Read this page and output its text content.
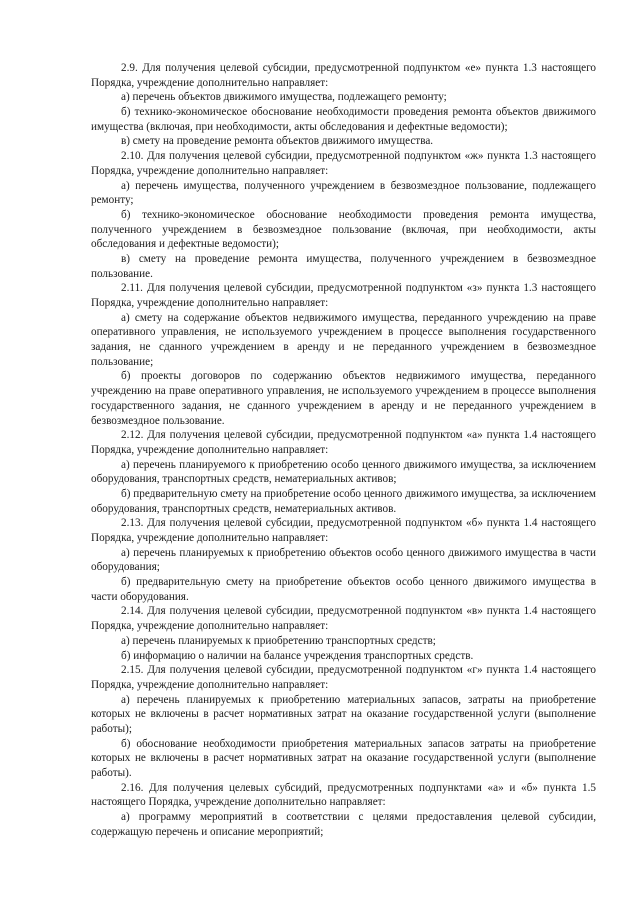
2.9. Для получения целевой субсидии, предусмотренной подпунктом «е» пункта 1.3 настоящего Порядка, учреждение дополнительно направляет:

а) перечень объектов движимого имущества, подлежащего ремонту;

б) технико-экономическое обоснование необходимости проведения ремонта объектов движимого имущества (включая, при необходимости, акты обследования и дефектные ведомости);

в) смету на проведение ремонта объектов движимого имущества.

2.10. Для получения целевой субсидии, предусмотренной подпунктом «ж» пункта 1.3 настоящего Порядка, учреждение дополнительно направляет:

а) перечень имущества, полученного учреждением в безвозмездное пользование, подлежащего ремонту;

б) технико-экономическое обоснование необходимости проведения ремонта имущества, полученного учреждением в безвозмездное пользование (включая, при необходимости, акты обследования и дефектные ведомости);

в) смету на проведение ремонта имущества, полученного учреждением в безвозмездное пользование.

2.11. Для получения целевой субсидии, предусмотренной подпунктом «з» пункта 1.3 настоящего Порядка, учреждение дополнительно направляет:

а) смету на содержание объектов недвижимого имущества, переданного учреждению на праве оперативного управления, не используемого учреждением в процессе выполнения государственного задания, не сданного учреждением в аренду и не переданного учреждением в безвозмездное пользование;

б) проекты договоров по содержанию объектов недвижимого имущества, переданного учреждению на праве оперативного управления, не используемого учреждением в процессе выполнения государственного задания, не сданного учреждением в аренду и не переданного учреждением в безвозмездное пользование.

2.12. Для получения целевой субсидии, предусмотренной подпунктом «а» пункта 1.4 настоящего Порядка, учреждение дополнительно направляет:

а) перечень планируемого к приобретению особо ценного движимого имущества, за исключением оборудования, транспортных средств, нематериальных активов;

б) предварительную смету на приобретение особо ценного движимого имущества, за исключением оборудования, транспортных средств, нематериальных активов.

2.13. Для получения целевой субсидии, предусмотренной подпунктом «б» пункта 1.4 настоящего Порядка, учреждение дополнительно направляет:

а) перечень планируемых к приобретению объектов особо ценного движимого имущества в части оборудования;

б) предварительную смету на приобретение объектов особо ценного движимого имущества в части оборудования.

2.14. Для получения целевой субсидии, предусмотренной подпунктом «в» пункта 1.4 настоящего Порядка, учреждение дополнительно направляет:

а) перечень планируемых к приобретению транспортных средств;

б) информацию о наличии на балансе учреждения транспортных средств.

2.15. Для получения целевой субсидии, предусмотренной подпунктом «г» пункта 1.4 настоящего Порядка, учреждение дополнительно направляет:

а) перечень планируемых к приобретению материальных запасов, затраты на приобретение которых не включены в расчет нормативных затрат на оказание государственной услуги (выполнение работы);

б) обоснование необходимости приобретения материальных запасов затраты на приобретение которых не включены в расчет нормативных затрат на оказание государственной услуги (выполнение работы).

2.16. Для получения целевых субсидий, предусмотренных подпунктами «а» и «б» пункта 1.5 настоящего Порядка, учреждение дополнительно направляет:

а) программу мероприятий в соответствии с целями предоставления целевой субсидии, содержащую перечень и описание мероприятий;
